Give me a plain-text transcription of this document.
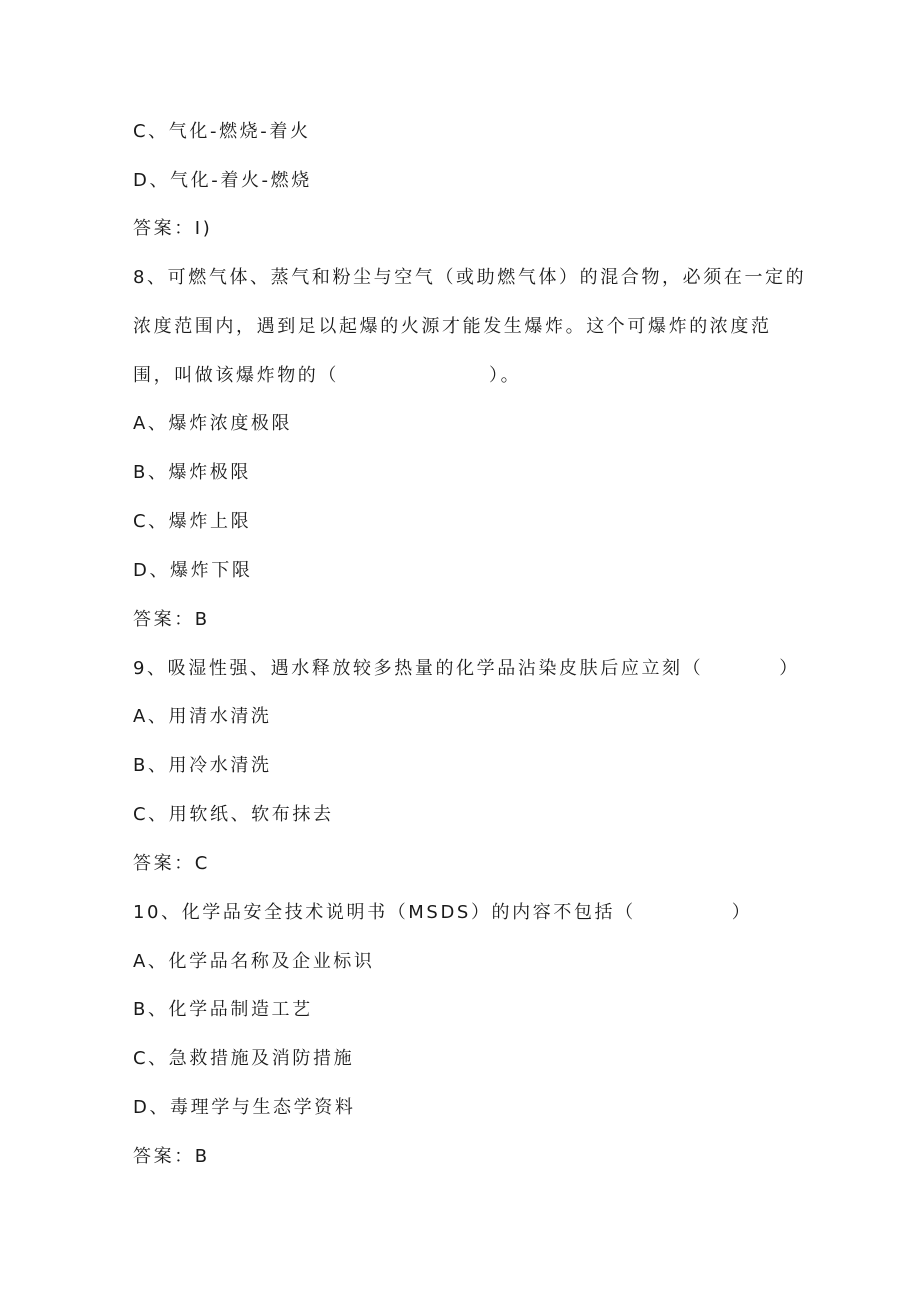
C、气化-燃烧-着火
D、气化-着火-燃烧
答案：I)
8、可燃气体、蒸气和粉尘与空气（或助燃气体）的混合物，必须在一定的
浓度范围内，遇到足以起爆的火源才能发生爆炸。这个可爆炸的浓度范
围，叫做该爆炸物的（	）。
A、爆炸浓度极限
B、爆炸极限
C、爆炸上限
D、爆炸下限
答案：B
9、吸湿性强、遇水释放较多热量的化学品沾染皮肤后应立刻（	）
A、用清水清洗
B、用冷水清洗
C、用软纸、软布抹去
答案：C
10、化学品安全技术说明书（MSDS）的内容不包括（	）
A、化学品名称及企业标识
B、化学品制造工艺
C、急救措施及消防措施
D、毒理学与生态学资料
答案：B
